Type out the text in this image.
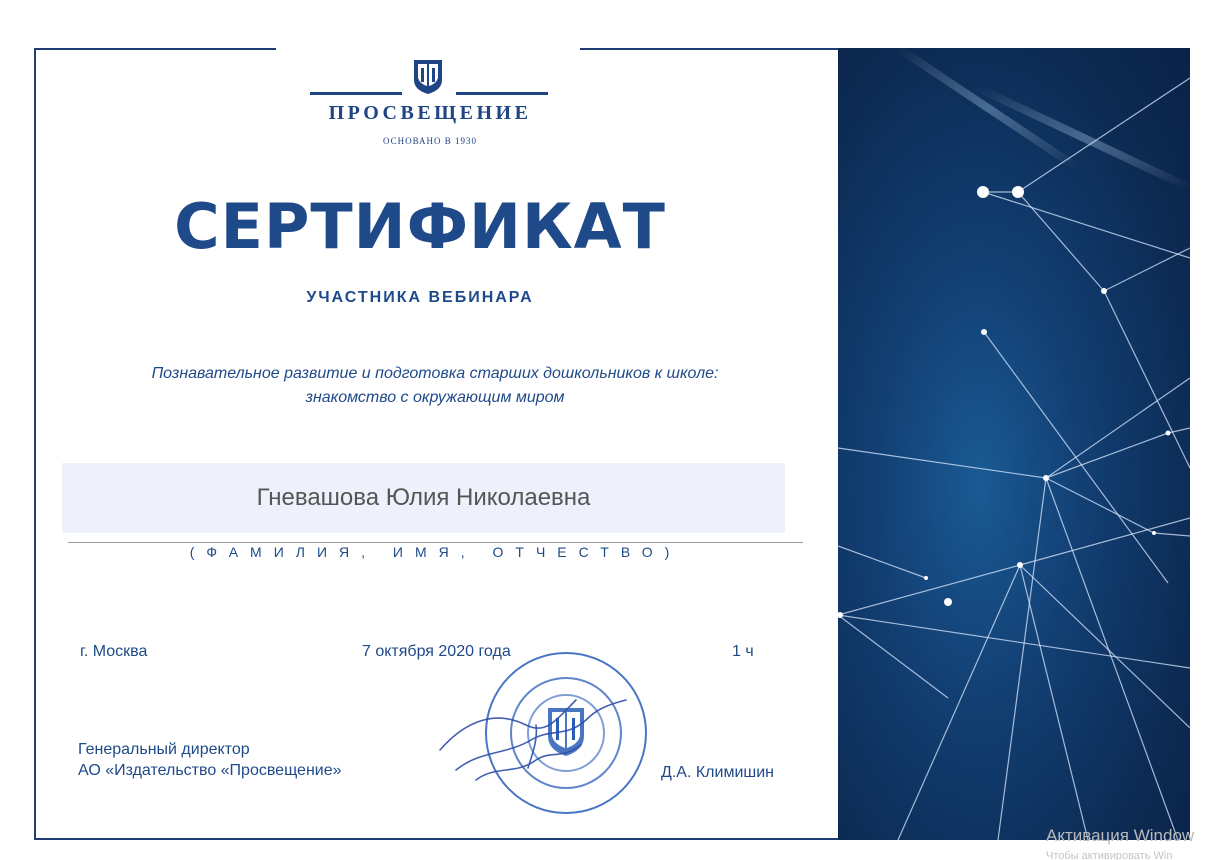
ПРОСВЕЩЕНИЕ
ОСНОВАНО В 1930
СЕРТИФИКАТ
УЧАСТНИКА ВЕБИНАРА
Познавательное развитие и подготовка старших дошкольников к школе:
знакомство с окружающим миром
Гневашова Юлия Николаевна
(ФАМИЛИЯ, ИМЯ, ОТЧЕСТВО)
г. Москва	7 октября 2020 года	1 ч
Генеральный директор
АО «Издательство «Просвещение»	Д.А. Климишин
Активация Window
Чтобы активировать Win
